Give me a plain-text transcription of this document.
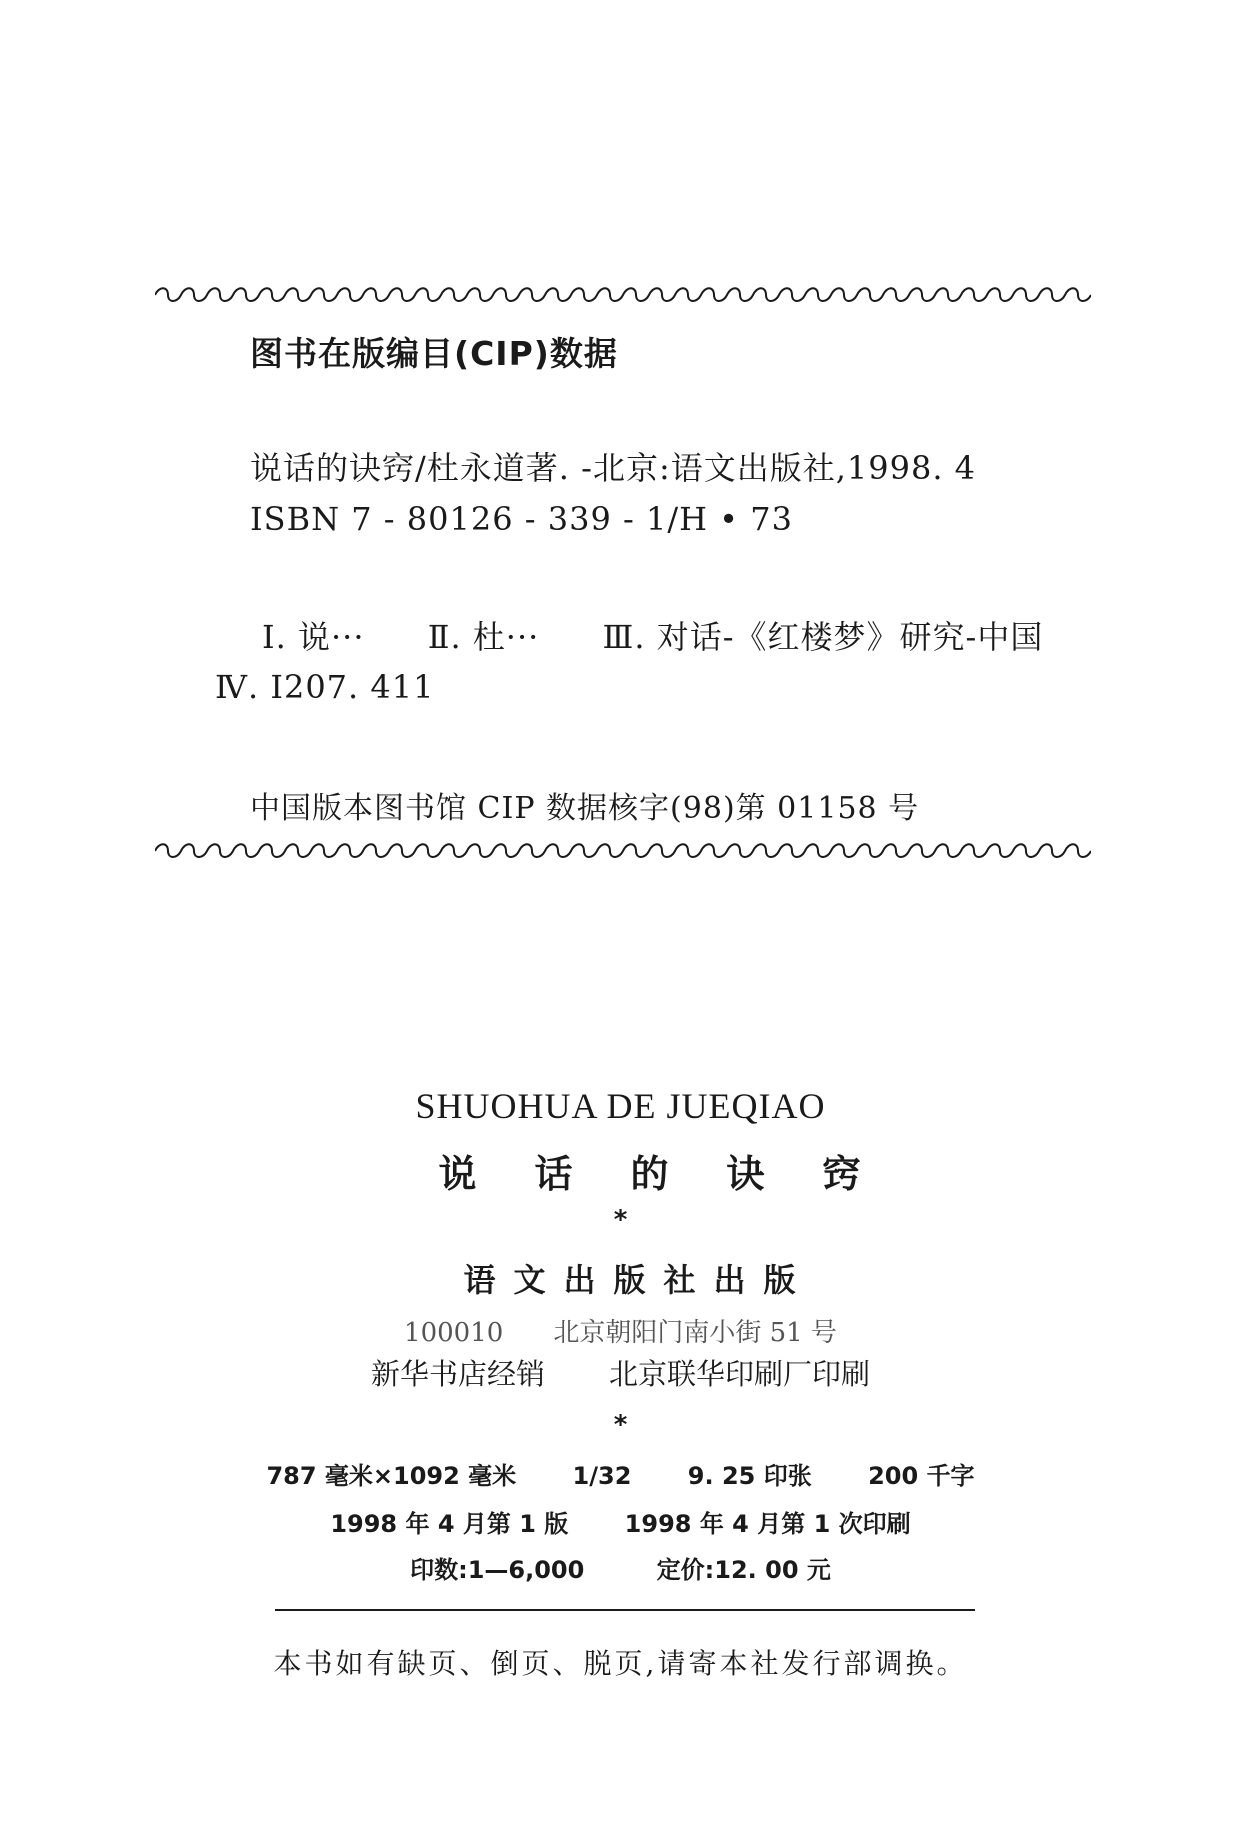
图书在版编目(CIP)数据
说话的诀窍/杜永道著. -北京:语文出版社,1998. 4
ISBN 7 - 80126 - 339 - 1/H • 73
Ⅰ. 说··· Ⅱ. 杜··· Ⅲ. 对话-《红楼梦》研究-中国
Ⅳ. I207. 411
中国版本图书馆 CIP 数据核字(98)第 01158 号
SHUOHUA DE JUEQIAO
说话的诀窍
*
语文出版社出版
100010 北京朝阳门南小街 51 号
新华书店经销 北京联华印刷厂印刷
*
787 毫米×1092 毫米 1/32 9. 25 印张 200 千字
1998 年 4 月第 1 版 1998 年 4 月第 1 次印刷
印数:1—6,000	定价:12. 00 元
本书如有缺页、倒页、脱页,请寄本社发行部调换。
